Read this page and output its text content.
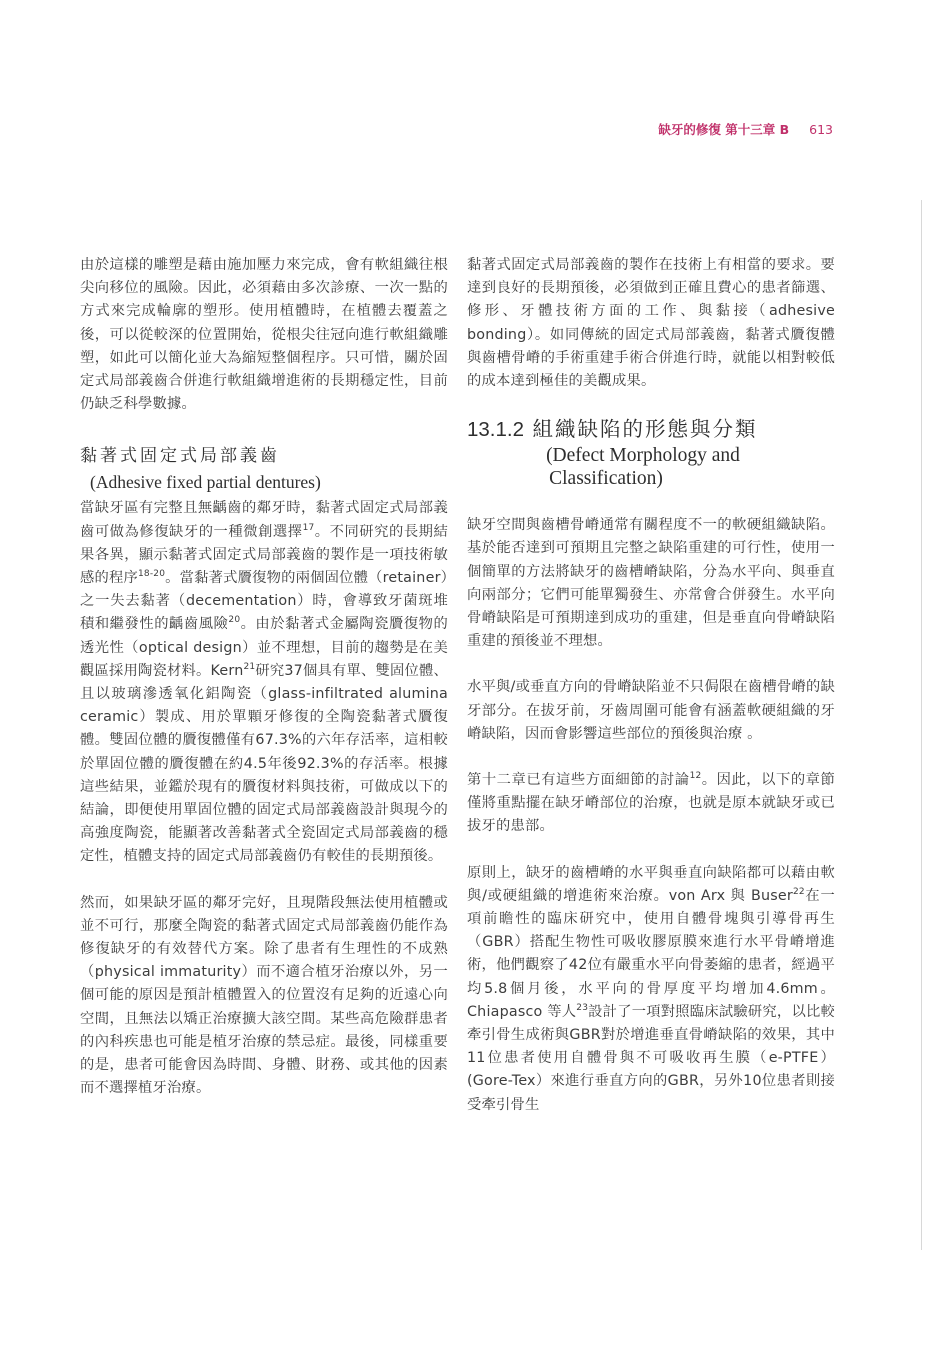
缺牙的修復 第十三章 B 613

由於這樣的雕塑是藉由施加壓力來完成，會有軟組織往根尖向移位的風險。因此，必須藉由多次診療、一次一點的方式來完成輪廓的塑形。使用植體時，在植體去覆蓋之後，可以從較深的位置開始，從根尖往冠向進行軟組織雕塑，如此可以簡化並大為縮短整個程序。只可惜，關於固定式局部義齒合併進行軟組織增進術的長期穩定性，目前仍缺乏科學數據。

黏著式固定式局部義齒
(Adhesive fixed partial dentures)

當缺牙區有完整且無齲齒的鄰牙時，黏著式固定式局部義齒可做為修復缺牙的一種微創選擇$^{17}$。不同研究的長期結果各異，顯示黏著式固定式局部義齒的製作是一項技術敏感的程序$^{18-20}$。當黏著式贗復物的兩個固位體（retainer）之一失去黏著（decementation）時，會導致牙菌斑堆積和繼發性的齲齒風險$^{20}$。由於黏著式金屬陶瓷贗復物的透光性（optical design）並不理想，目前的趨勢是在美觀區採用陶瓷材料。Kern$^{21}$研究37個具有單、雙固位體、且以玻璃滲透氧化鋁陶瓷（glass-infiltrated alumina ceramic）製成、用於單顆牙修復的全陶瓷黏著式贗復體。雙固位體的贗復體僅有67.3%的六年存活率，這相較於單固位體的贗復體在約4.5年後92.3%的存活率。根據這些結果，並鑑於現有的贗復材料與技術，可做成以下的結論，即便使用單固位體的固定式局部義齒設計與現今的高強度陶瓷，能顯著改善黏著式全瓷固定式局部義齒的穩定性，植體支持的固定式局部義齒仍有較佳的長期預後。

然而，如果缺牙區的鄰牙完好，且現階段無法使用植體或並不可行，那麼全陶瓷的黏著式固定式局部義齒仍能作為修復缺牙的有效替代方案。除了患者有生理性的不成熟（physical immaturity）而不適合植牙治療以外，另一個可能的原因是預計植體置入的位置沒有足夠的近遠心向空間，且無法以矯正治療擴大該空間。某些高危險群患者的內科疾患也可能是植牙治療的禁忌症。最後，同樣重要的是，患者可能會因為時間、身體、財務、或其他的因素而不選擇植牙治療。

黏著式固定式局部義齒的製作在技術上有相當的要求。要達到良好的長期預後，必須做到正確且費心的患者篩選、修形、牙體技術方面的工作、與黏接（adhesive bonding）。如同傳統的固定式局部義齒，黏著式贗復體與齒槽骨嵴的手術重建手術合併進行時，就能以相對較低的成本達到極佳的美觀成果。

13.1.2 組織缺陷的形態與分類
(Defect Morphology and
Classification)

缺牙空間與齒槽骨嵴通常有關程度不一的軟硬組織缺陷。基於能否達到可預期且完整之缺陷重建的可行性，使用一個簡單的方法將缺牙的齒槽嵴缺陷，分為水平向、與垂直向兩部分；它們可能單獨發生、亦常會合併發生。水平向骨嵴缺陷是可預期達到成功的重建，但是垂直向骨嵴缺陷重建的預後並不理想。

水平與/或垂直方向的骨嵴缺陷並不只侷限在齒槽骨嵴的缺牙部分。在拔牙前，牙齒周圍可能會有涵蓋軟硬組織的牙嵴缺陷，因而會影響這些部位的預後與治療 。

第十二章已有這些方面細節的討論$^{12}$。因此，以下的章節僅將重點擺在缺牙嵴部位的治療，也就是原本就缺牙或已拔牙的患部。

原則上，缺牙的齒槽嵴的水平與垂直向缺陷都可以藉由軟與/或硬組織的增進術來治療。von Arx 與 Buser$^{22}$在一項前瞻性的臨床研究中，使用自體骨塊與引導骨再生（GBR）搭配生物性可吸收膠原膜來進行水平骨嵴增進術，他們觀察了42位有嚴重水平向骨萎縮的患者，經過平均5.8個月後，水平向的骨厚度平均增加4.6mm。Chiapasco 等人$^{23}$設計了一項對照臨床試驗研究，以比較牽引骨生成術與GBR對於增進垂直骨嵴缺陷的效果，其中11位患者使用自體骨與不可吸收再生膜（e-PTFE）(Gore-Tex）來進行垂直方向的GBR，另外10位患者則接受牽引骨生
